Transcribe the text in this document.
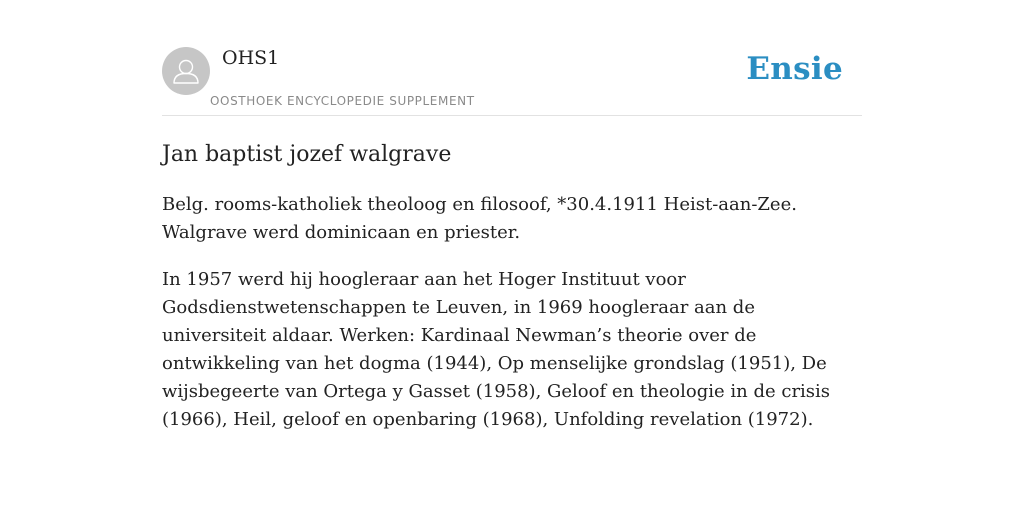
OHS1
OOSTHOEK ENCYCLOPEDIE SUPPLEMENT
Ensie
Jan baptist jozef walgrave

Belg. rooms-katholiek theoloog en filosoof, *30.4.1911 Heist-aan-Zee. Walgrave werd dominicaan en priester.

In 1957 werd hij hoogleraar aan het Hoger Instituut voor Godsdienstwetenschappen te Leuven, in 1969 hoogleraar aan de universiteit aldaar. Werken: Kardinaal Newman’s theorie over de ontwikkeling van het dogma (1944), Op menselijke grondslag (1951), De wijsbegeerte van Ortega y Gasset (1958), Geloof en theologie in de crisis (1966), Heil, geloof en openbaring (1968), Unfolding revelation (1972).
